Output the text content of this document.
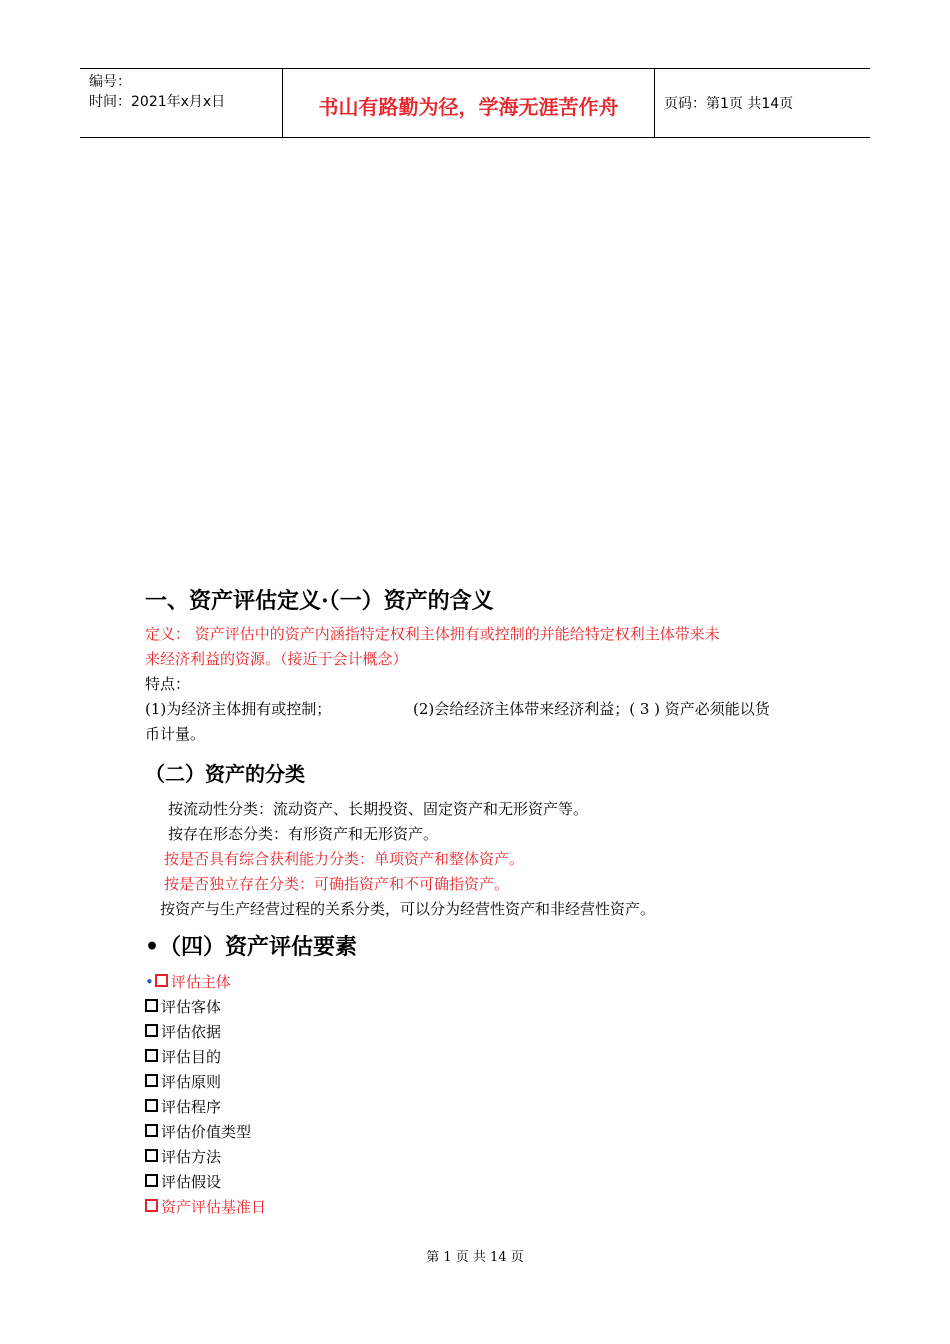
编号：
时间：2021年x月x日	书山有路勤为径，学海无涯苦作舟	页码：第1页 共14页
一、资产评估定义·（一）资产的含义
定义： 资产评估中的资产内涵指特定权利主体拥有或控制的并能给特定权利主体带来未
来经济利益的资源。（接近于会计概念）
特点：
(1)为经济主体拥有或控制；	(2)会给经济主体带来经济利益；( 3 ) 资产必须能以货
币计量。
（二）资产的分类
按流动性分类：流动资产、长期投资、固定资产和无形资产等。
按存在形态分类：有形资产和无形资产。
按是否具有综合获利能力分类：单项资产和整体资产。
按是否独立存在分类：可确指资产和不可确指资产。
按资产与生产经营过程的关系分类，可以分为经营性资产和非经营性资产。
•（四）资产评估要素
• 评估主体
评估客体
评估依据
评估目的
评估原则
评估程序
评估价值类型
评估方法
评估假设
资产评估基准日
第 1 页 共 14 页
